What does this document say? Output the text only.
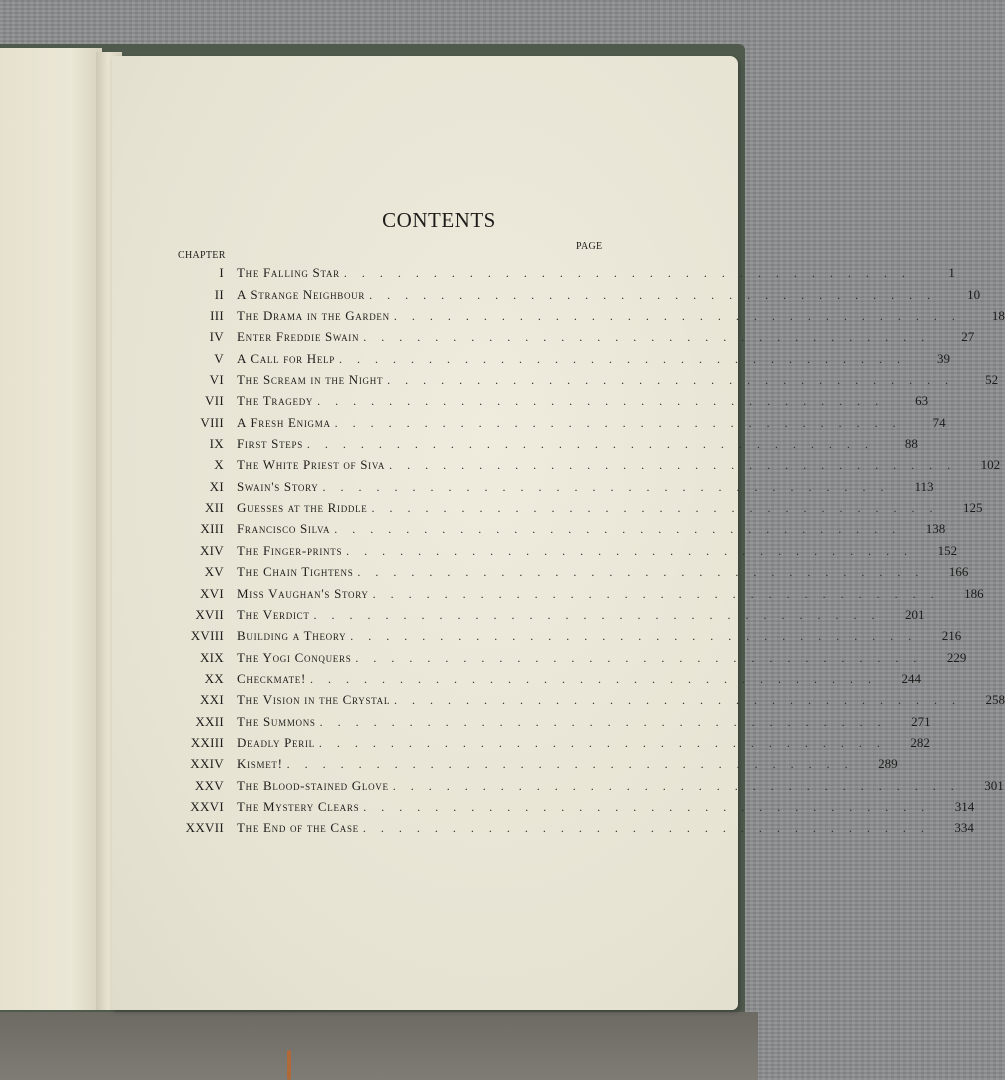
CONTENTS
CHAPTER
PAGE
I The Falling Star . . . . . . . . . . . . . . . . . . . . . . . . . . . . . . . .	1
II A Strange Neighbour . . . . . . . . . . . . . . . . . . . . . . . . . . . . . . . .	10
III The Drama in the Garden . . . . . . . . . . . . . . . . . . . . . . . . . . . . . . . .	18
IV Enter Freddie Swain . . . . . . . . . . . . . . . . . . . . . . . . . . . . . . . .	27
V A Call for Help . . . . . . . . . . . . . . . . . . . . . . . . . . . . . . . .	39
VI The Scream in the Night . . . . . . . . . . . . . . . . . . . . . . . . . . . . . . . .	52
VII The Tragedy . . . . . . . . . . . . . . . . . . . . . . . . . . . . . . . .	63
VIII A Fresh Enigma . . . . . . . . . . . . . . . . . . . . . . . . . . . . . . . .	74
IX First Steps . . . . . . . . . . . . . . . . . . . . . . . . . . . . . . . .	88
X The White Priest of Siva . . . . . . . . . . . . . . . . . . . . . . . . . . . . . . . .	102
XI Swain's Story . . . . . . . . . . . . . . . . . . . . . . . . . . . . . . . .	113
XII Guesses at the Riddle . . . . . . . . . . . . . . . . . . . . . . . . . . . . . . . .	125
XIII Francisco Silva . . . . . . . . . . . . . . . . . . . . . . . . . . . . . . . .	138
XIV The Finger-prints . . . . . . . . . . . . . . . . . . . . . . . . . . . . . . . .	152
XV The Chain Tightens . . . . . . . . . . . . . . . . . . . . . . . . . . . . . . . .	166
XVI Miss Vaughan's Story . . . . . . . . . . . . . . . . . . . . . . . . . . . . . . . .	186
XVII The Verdict . . . . . . . . . . . . . . . . . . . . . . . . . . . . . . . .	201
XVIII Building a Theory . . . . . . . . . . . . . . . . . . . . . . . . . . . . . . . .	216
XIX The Yogi Conquers . . . . . . . . . . . . . . . . . . . . . . . . . . . . . . . .	229
XX Checkmate! . . . . . . . . . . . . . . . . . . . . . . . . . . . . . . . .	244
XXI The Vision in the Crystal . . . . . . . . . . . . . . . . . . . . . . . . . . . . . . . .	258
XXII The Summons . . . . . . . . . . . . . . . . . . . . . . . . . . . . . . . .	271
XXIII Deadly Peril . . . . . . . . . . . . . . . . . . . . . . . . . . . . . . . .	282
XXIV Kismet! . . . . . . . . . . . . . . . . . . . . . . . . . . . . . . . .	289
XXV The Blood-stained Glove . . . . . . . . . . . . . . . . . . . . . . . . . . . . . . . .	301
XXVI The Mystery Clears . . . . . . . . . . . . . . . . . . . . . . . . . . . . . . . .	314
XXVII The End of the Case . . . . . . . . . . . . . . . . . . . . . . . . . . . . . . . .	334
